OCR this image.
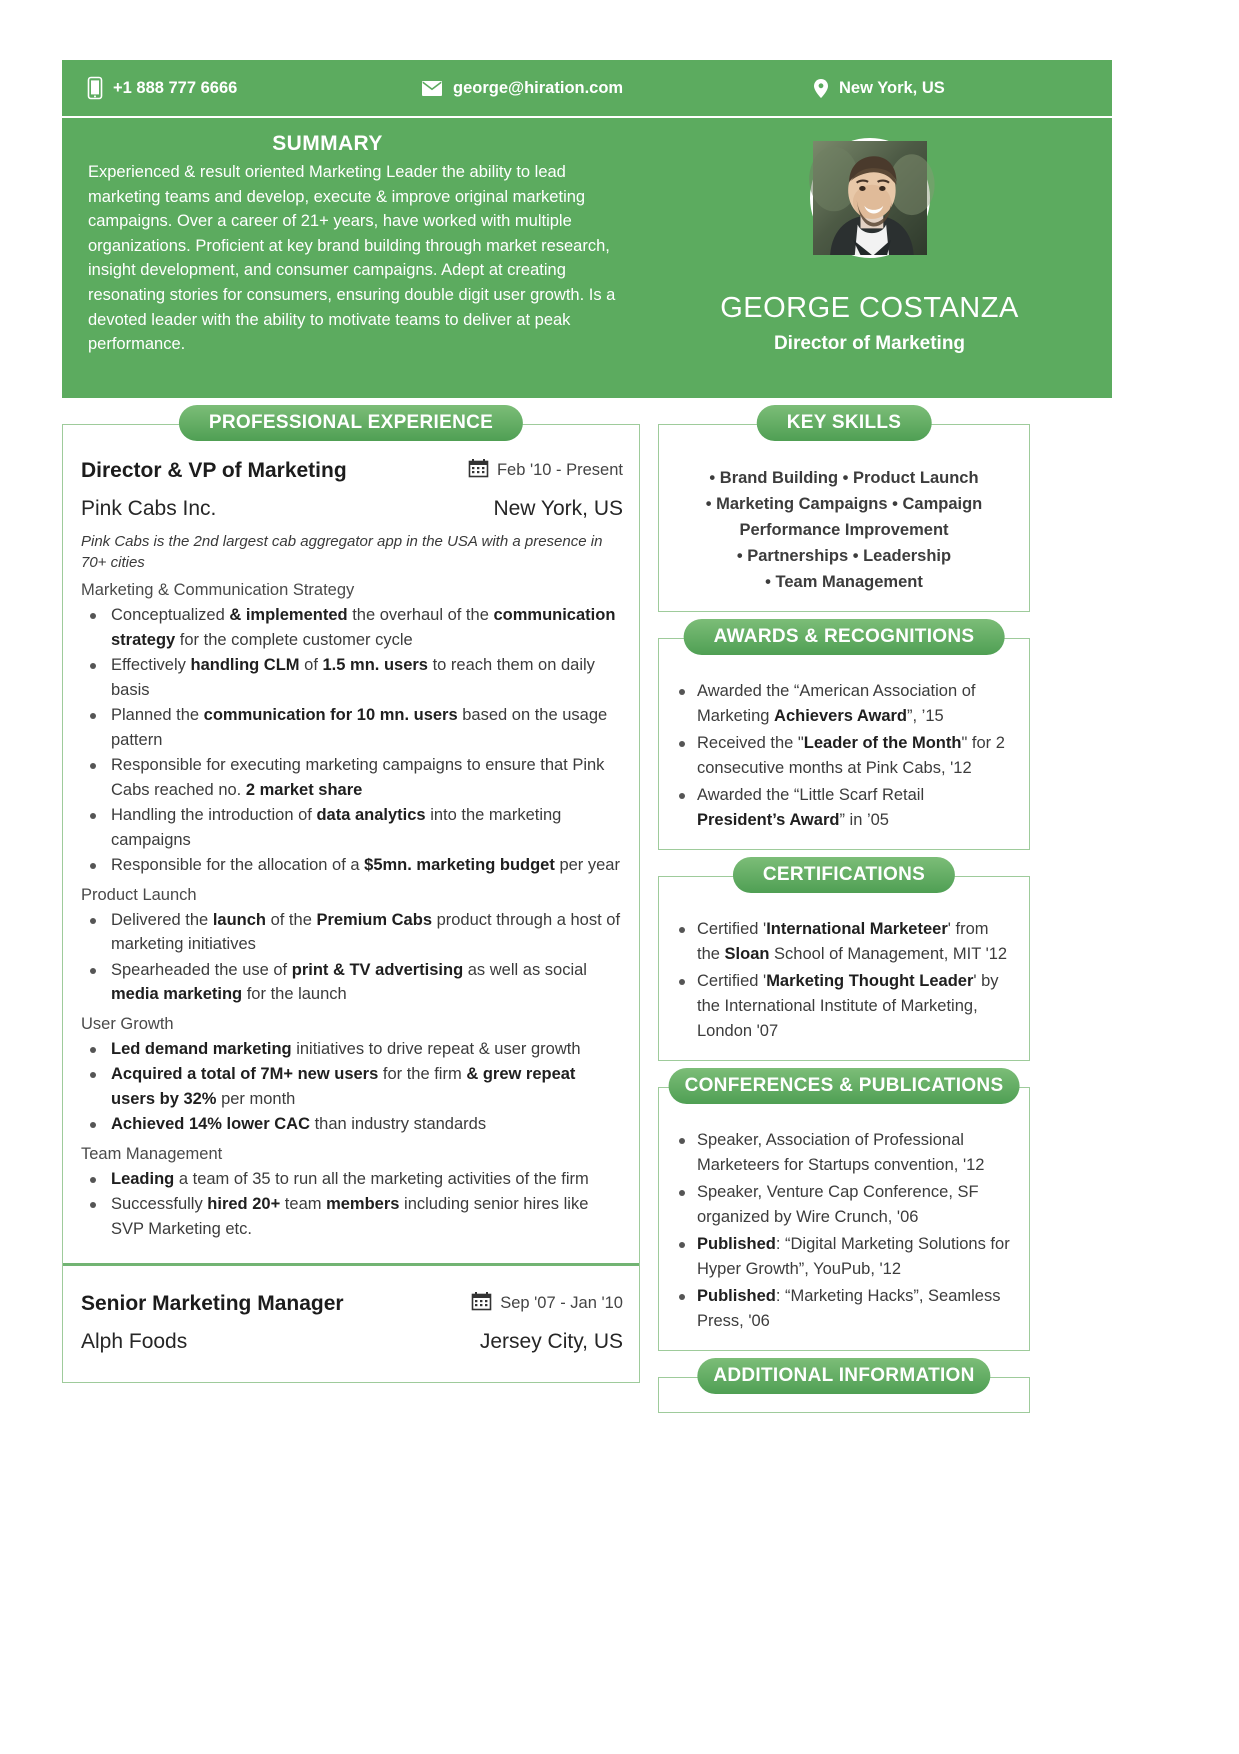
+1 888 777 6666	george@hiration.com	New York, US
SUMMARY
Experienced & result oriented Marketing Leader the ability to lead marketing teams and develop, execute & improve original marketing campaigns. Over a career of 21+ years, have worked with multiple organizations. Proficient at key brand building through market research, insight development, and consumer campaigns. Adept at creating resonating stories for consumers, ensuring double digit user growth. Is a devoted leader with the ability to motivate teams to deliver at peak performance.
GEORGE COSTANZA
Director of Marketing
PROFESSIONAL EXPERIENCE
Director & VP of Marketing	Feb '10 - Present
Pink Cabs Inc.	New York, US
Pink Cabs is the 2nd largest cab aggregator app in the USA with a presence in 70+ cities
Marketing & Communication Strategy
Conceptualized & implemented the overhaul of the communication strategy for the complete customer cycle
Effectively handling CLM of 1.5 mn. users to reach them on daily basis
Planned the communication for 10 mn. users based on the usage pattern
Responsible for executing marketing campaigns to ensure that Pink Cabs reached no. 2 market share
Handling the introduction of data analytics into the marketing campaigns
Responsible for the allocation of a $5mn. marketing budget per year
Product Launch
Delivered the launch of the Premium Cabs product through a host of marketing initiatives
Spearheaded the use of print & TV advertising as well as social media marketing for the launch
User Growth
Led demand marketing initiatives to drive repeat & user growth
Acquired a total of 7M+ new users for the firm & grew repeat users by 32% per month
Achieved 14% lower CAC than industry standards
Team Management
Leading a team of 35 to run all the marketing activities of the firm
Successfully hired 20+ team members including senior hires like SVP Marketing etc.
Senior Marketing Manager	Sep '07 - Jan '10
Alph Foods	Jersey City, US
KEY SKILLS
• Brand Building • Product Launch
• Marketing Campaigns • Campaign
Performance Improvement
• Partnerships • Leadership
• Team Management
AWARDS & RECOGNITIONS
Awarded the “American Association of Marketing Achievers Award”, ’15
Received the "Leader of the Month" for 2 consecutive months at Pink Cabs, '12
Awarded the “Little Scarf Retail President’s Award” in ’05
CERTIFICATIONS
Certified 'International Marketeer' from the Sloan School of Management, MIT '12
Certified 'Marketing Thought Leader' by the International Institute of Marketing, London '07
CONFERENCES & PUBLICATIONS
Speaker, Association of Professional Marketeers for Startups convention, '12
Speaker, Venture Cap Conference, SF organized by Wire Crunch, '06
Published: “Digital Marketing Solutions for Hyper Growth”, YouPub, '12
Published: “Marketing Hacks”, Seamless Press, '06
ADDITIONAL INFORMATION
